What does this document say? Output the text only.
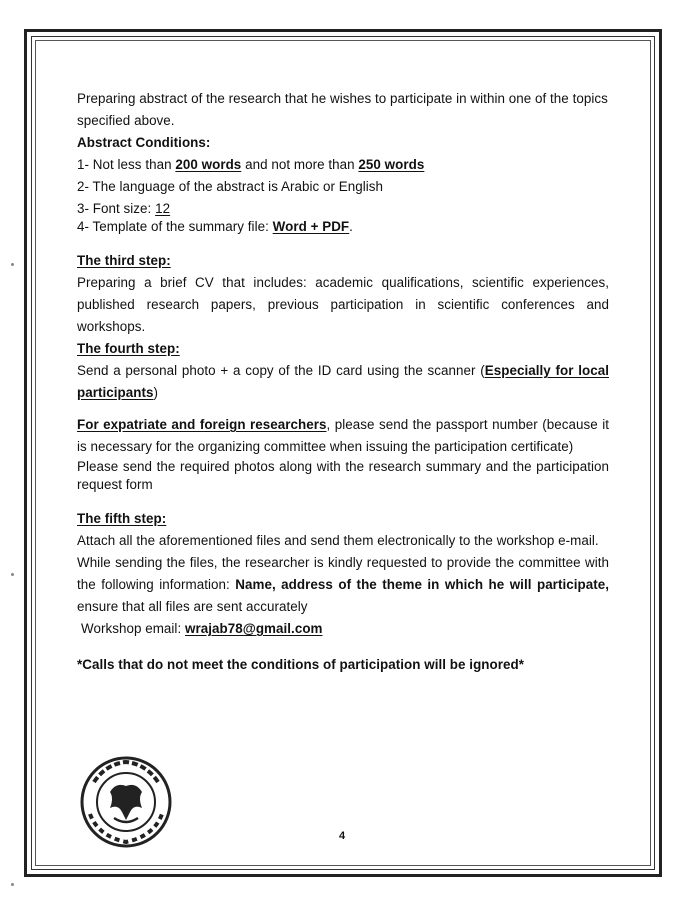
Preparing abstract of the research that he wishes to participate in within one of the topics specified above.

Abstract Conditions:

1- Not less than 200 words and not more than 250 words

2- The language of the abstract is Arabic or English

3- Font size: 12

4- Template of the summary file: Word + PDF.

The third step:

Preparing a brief CV that includes: academic qualifications, scientific experiences, published research papers, previous participation in scientific conferences and workshops.

The fourth step:

Send a personal photo + a copy of the ID card using the scanner (Especially for local participants)

For expatriate and foreign researchers, please send the passport number (because it is necessary for the organizing committee when issuing the participation certificate)

Please send the required photos along with the research summary and the participation request form

The fifth step:

Attach all the aforementioned files and send them electronically to the workshop e-mail.

While sending the files, the researcher is kindly requested to provide the committee with the following information: Name, address of the theme in which he will participate, ensure that all files are sent accurately

Workshop email: wrajab78@gmail.com

*Calls that do not meet the conditions of participation will be ignored*

4
